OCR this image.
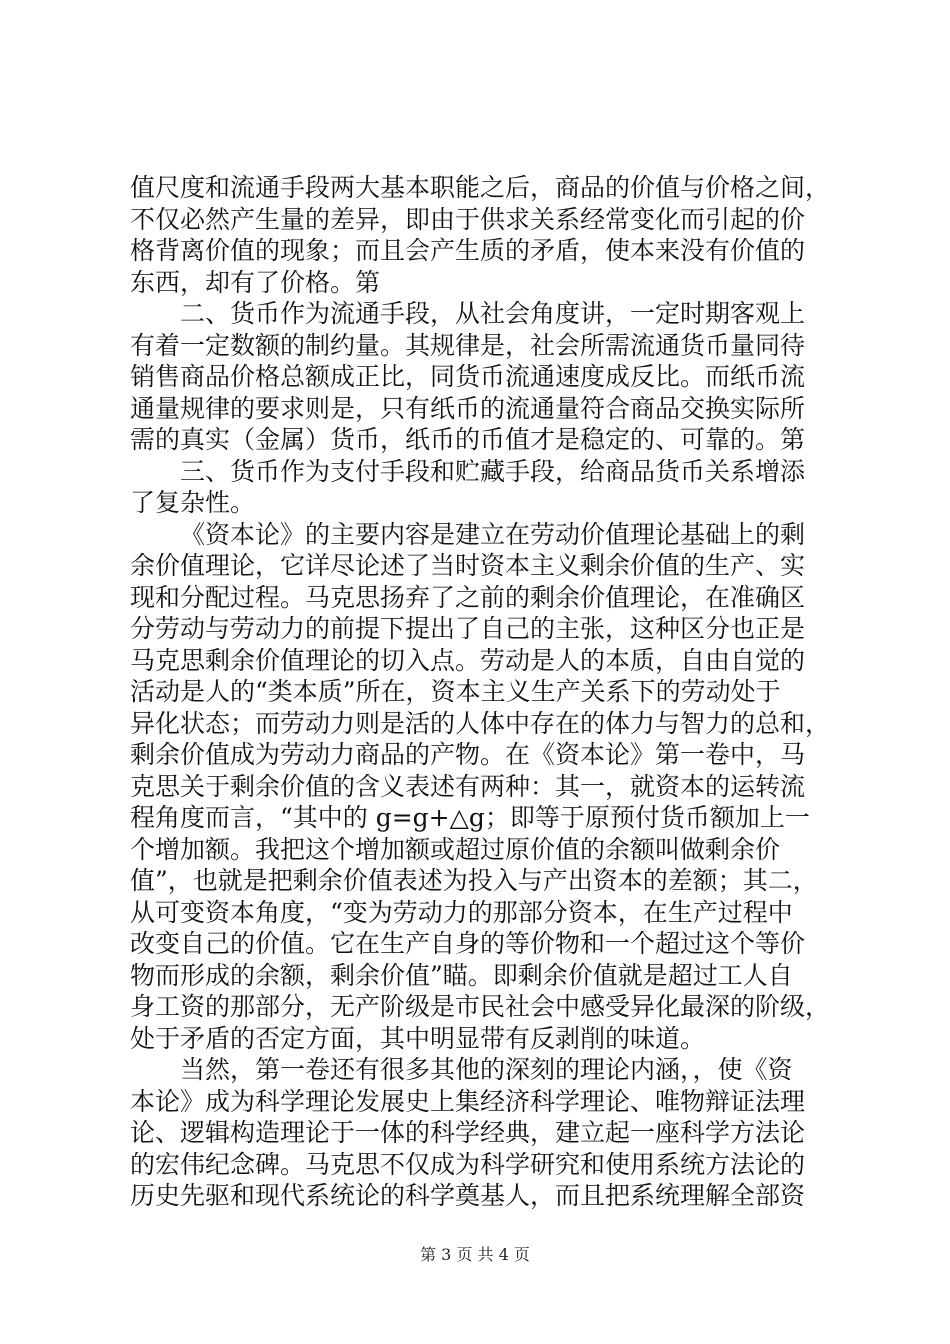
值尺度和流通手段两大基本职能之后，商品的价值与价格之间，
不仅必然产生量的差异，即由于供求关系经常变化而引起的价
格背离价值的现象；而且会产生质的矛盾，使本来没有价值的
东西，却有了价格。第
二、货币作为流通手段，从社会角度讲，一定时期客观上
有着一定数额的制约量。其规律是，社会所需流通货币量同待
销售商品价格总额成正比，同货币流通速度成反比。而纸币流
通量规律的要求则是，只有纸币的流通量符合商品交换实际所
需的真实（金属）货币，纸币的币值才是稳定的、可靠的。第
三、货币作为支付手段和贮藏手段，给商品货币关系增添
了复杂性。
《资本论》的主要内容是建立在劳动价值理论基础上的剩
余价值理论，它详尽论述了当时资本主义剩余价值的生产、实
现和分配过程。马克思扬弃了之前的剩余价值理论，在准确区
分劳动与劳动力的前提下提出了自己的主张，这种区分也正是
马克思剩余价值理论的切入点。劳动是人的本质，自由自觉的
活动是人的“类本质”所在，资本主义生产关系下的劳动处于
异化状态；而劳动力则是活的人体中存在的体力与智力的总和，
剩余价值成为劳动力商品的产物。在《资本论》第一卷中，马
克思关于剩余价值的含义表述有两种：其一，就资本的运转流
程角度而言，“其中的 g=g+△g；即等于原预付货币额加上一
个增加额。我把这个增加额或超过原价值的余额叫做剩余价
值”，也就是把剩余价值表述为投入与产出资本的差额；其二，
从可变资本角度，“变为劳动力的那部分资本，在生产过程中
改变自己的价值。它在生产自身的等价物和一个超过这个等价
物而形成的余额，剩余价值”瞄。即剩余价值就是超过工人自
身工资的那部分，无产阶级是市民社会中感受异化最深的阶级，
处于矛盾的否定方面，其中明显带有反剥削的味道。
当然，第一卷还有很多其他的深刻的理论内涵，，使《资
本论》成为科学理论发展史上集经济科学理论、唯物辩证法理
论、逻辑构造理论于一体的科学经典，建立起一座科学方法论
的宏伟纪念碑。马克思不仅成为科学研究和使用系统方法论的
历史先驱和现代系统论的科学奠基人，而且把系统理解全部资
第 3 页 共 4 页
